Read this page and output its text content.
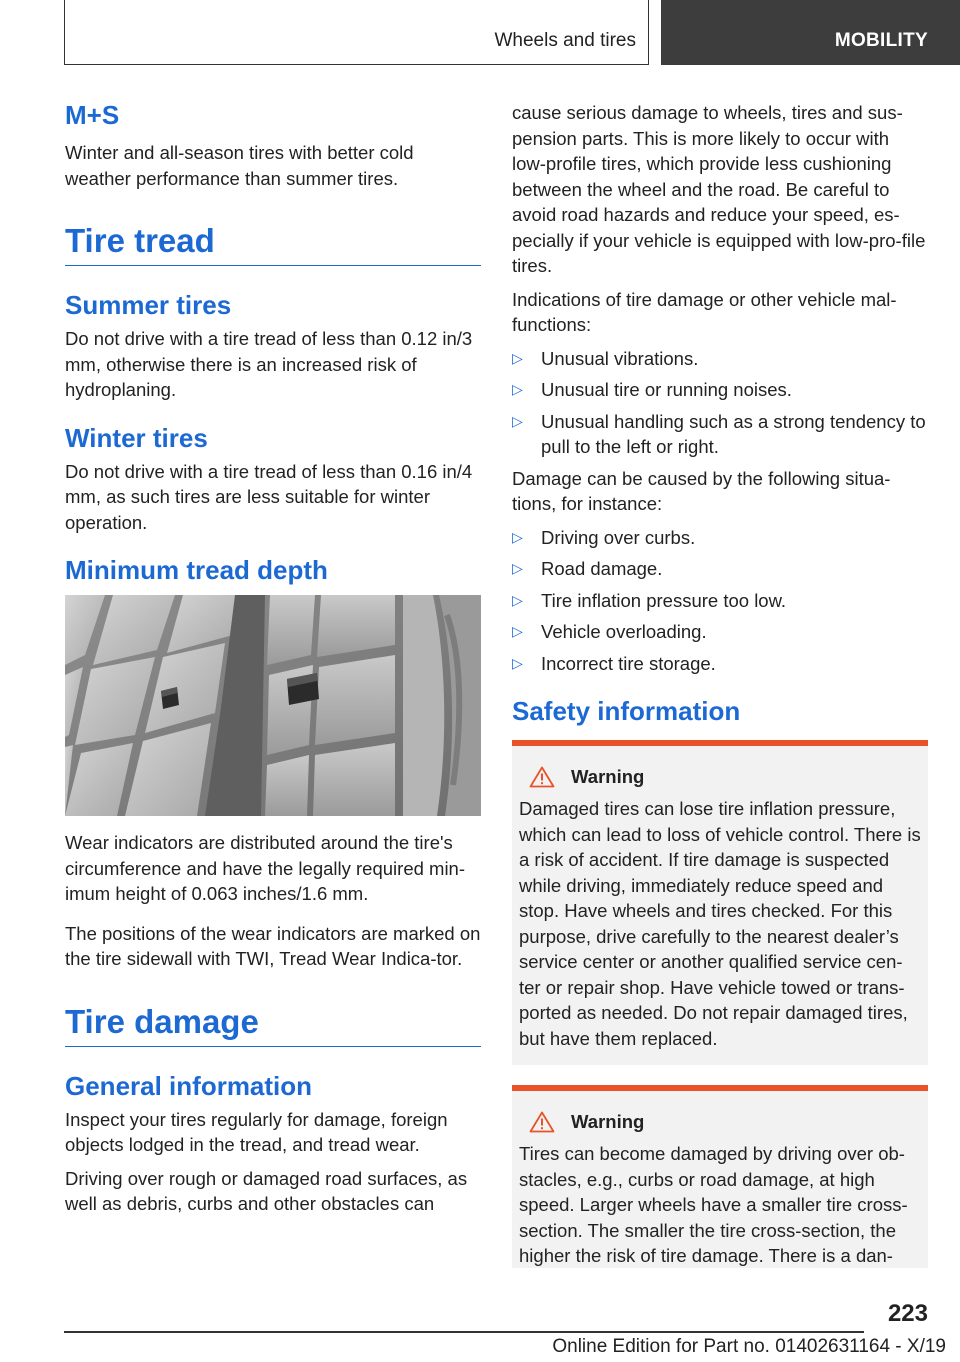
Wheels and tires	MOBILITY
M+S

Winter and all-season tires with better cold weather performance than summer tires.

Tire tread
Summer tires

Do not drive with a tire tread of less than 0.12 in/3 mm, otherwise there is an increased risk of hydroplaning.

Winter tires

Do not drive with a tire tread of less than 0.16 in/4 mm, as such tires are less suitable for winter operation.

Minimum tread depth

Wear indicators are distributed around the tire's circumference and have the legally required min-imum height of 0.063 inches/1.6 mm.

The positions of the wear indicators are marked on the tire sidewall with TWI, Tread Wear Indica-tor.

Tire damage
General information

Inspect your tires regularly for damage, foreign objects lodged in the tread, and tread wear.

Driving over rough or damaged road surfaces, as well as debris, curbs and other obstacles can

cause serious damage to wheels, tires and sus-pension parts. This is more likely to occur with low-profile tires, which provide less cushioning between the wheel and the road. Be careful to avoid road hazards and reduce your speed, es-pecially if your vehicle is equipped with low-pro-file tires.

Indications of tire damage or other vehicle mal-functions:

▷ Unusual vibrations.
▷ Unusual tire or running noises.
▷ Unusual handling such as a strong tendency to pull to the left or right.

Damage can be caused by the following situa-tions, for instance:

▷ Driving over curbs.
▷ Road damage.
▷ Tire inflation pressure too low.
▷ Vehicle overloading.
▷ Incorrect tire storage.
Safety information
Warning

Damaged tires can lose tire inflation pressure, which can lead to loss of vehicle control. There is a risk of accident. If tire damage is suspected while driving, immediately reduce speed and stop. Have wheels and tires checked. For this purpose, drive carefully to the nearest dealer’s service center or another qualified service cen-ter or repair shop. Have vehicle towed or trans-ported as needed. Do not repair damaged tires, but have them replaced.

Warning

Tires can become damaged by driving over ob-stacles, e.g., curbs or road damage, at high speed. Larger wheels have a smaller tire cross-section. The smaller the tire cross-section, the higher the risk of tire damage. There is a dan-

223
Online Edition for Part no. 01402631164 - X/19
